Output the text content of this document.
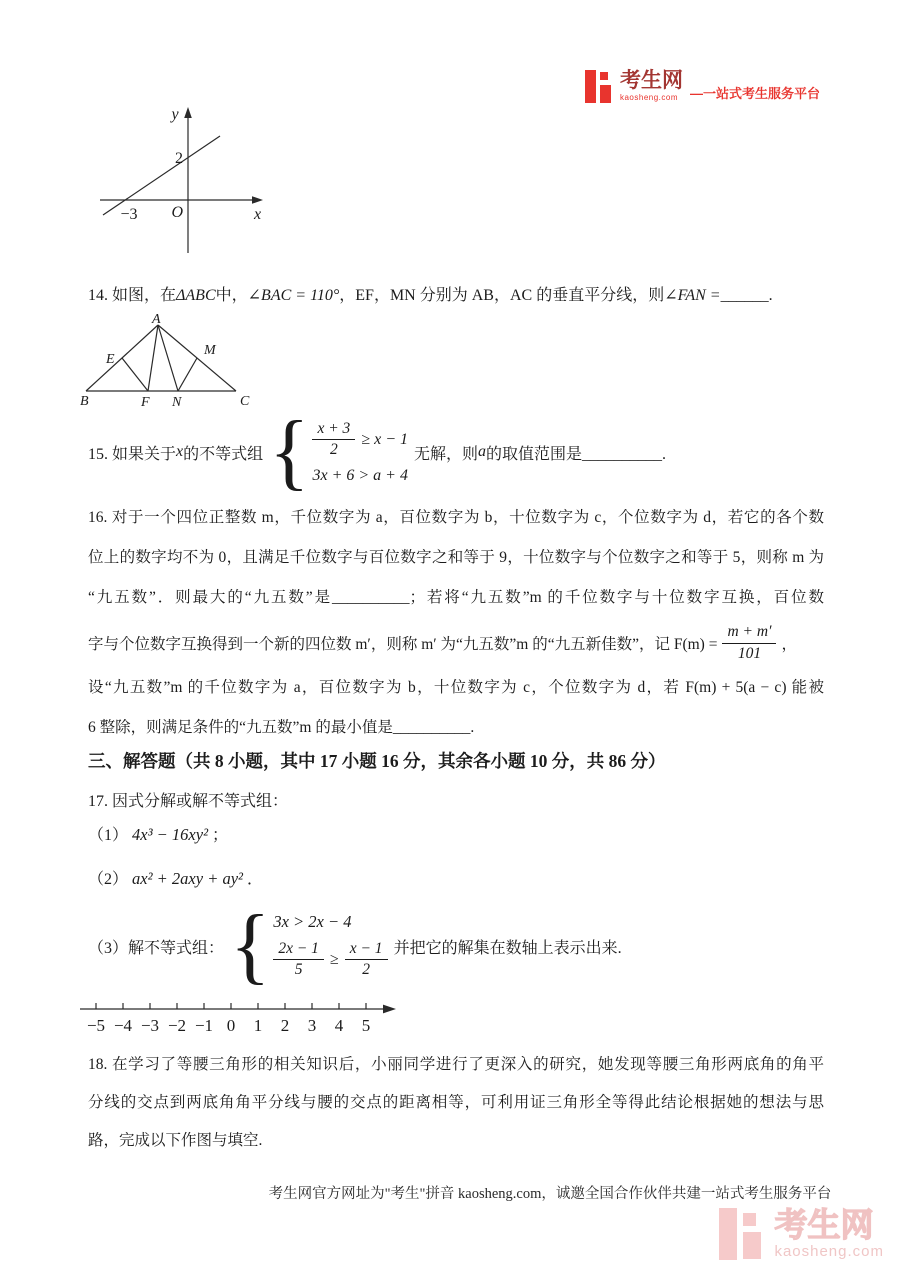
考生网
kaosheng.com —一站式考生服务平台
y
2
−3 O	x
14. 如图，在ΔABC中，∠BAC = 110°，EF，MN 分别为 AB，AC 的垂直平分线，则∠FAN =______.
A
B	C
E
M
F N
15. 如果关于 x 的不等式组 { $\frac{x + 3}{2} \ge x - 1$
3x + 6 > a + 4
无解，则 a 的取值范围是__________.
16. 对于一个四位正整数 m，千位数字为 a，百位数字为 b，十位数字为 c，个位数字为 d，若它的各个数
位上的数字均不为 0，且满足千位数字与百位数字之和等于 9，十位数字与个位数字之和等于 5，则称 m 为
“九五数”．则最大的“九五数”是__________；若将“九五数”m 的千位数字与十位数字互换，百位数
字与个位数字互换得到一个新的四位数 m′，则称 m′ 为“九五数”m 的“九五新佳数”，记 $F(m) = \frac{m + m'}{101}$ ，
设“九五数”m 的千位数字为 a，百位数字为 b，十位数字为 c，个位数字为 d，若 F(m) + 5(a − c) 能被
6 整除，则满足条件的“九五数”m 的最小值是__________.
三、解答题（共 8 小题，其中 17 小题 16 分，其余各小题 10 分，共 86 分）
17. 因式分解或解不等式组：
（1） 4x³ − 16xy² ；
（2） ax² + 2axy + ay² ．
（3）解不等式组： { 3x > 2x − 4
$\frac{2x - 1}{5} \ge \frac{x - 1}{2}$ 并把它的解集在数轴上表示出来.
−5 −4 −3 −2 −1 0 1 2 3 4 5
18. 在学习了等腰三角形的相关知识后，小丽同学进行了更深入的研究，她发现等腰三角形两底角的角平
分线的交点到两底角角平分线与腰的交点的距离相等，可利用证三角形全等得此结论根据她的想法与思
路，完成以下作图与填空.
考生网官方网址为"考生"拼音 kaosheng.com，诚邀全国合作伙伴共建一站式考生服务平台
考生网
kaosheng.com
